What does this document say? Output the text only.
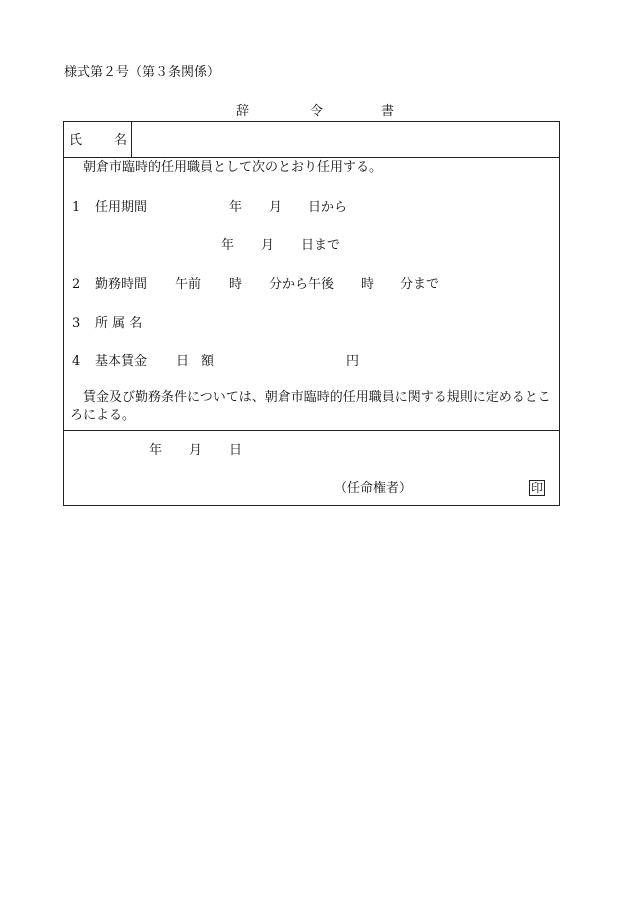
様式第２号（第３条関係）
辞	令	書
氏 名
朝倉市臨時的任用職員として次のとおり任用する。
1 任用期間	年 月 日から
年 月 日まで
2 勤務時間 午前 時 分から午後 時 分まで
3 所 属 名
4 基本賃金 日 額	円
賃金及び勤務条件については、朝倉市臨時的任用職員に関する規則に定めるところによる。
年 月 日
（任命権者）	印
